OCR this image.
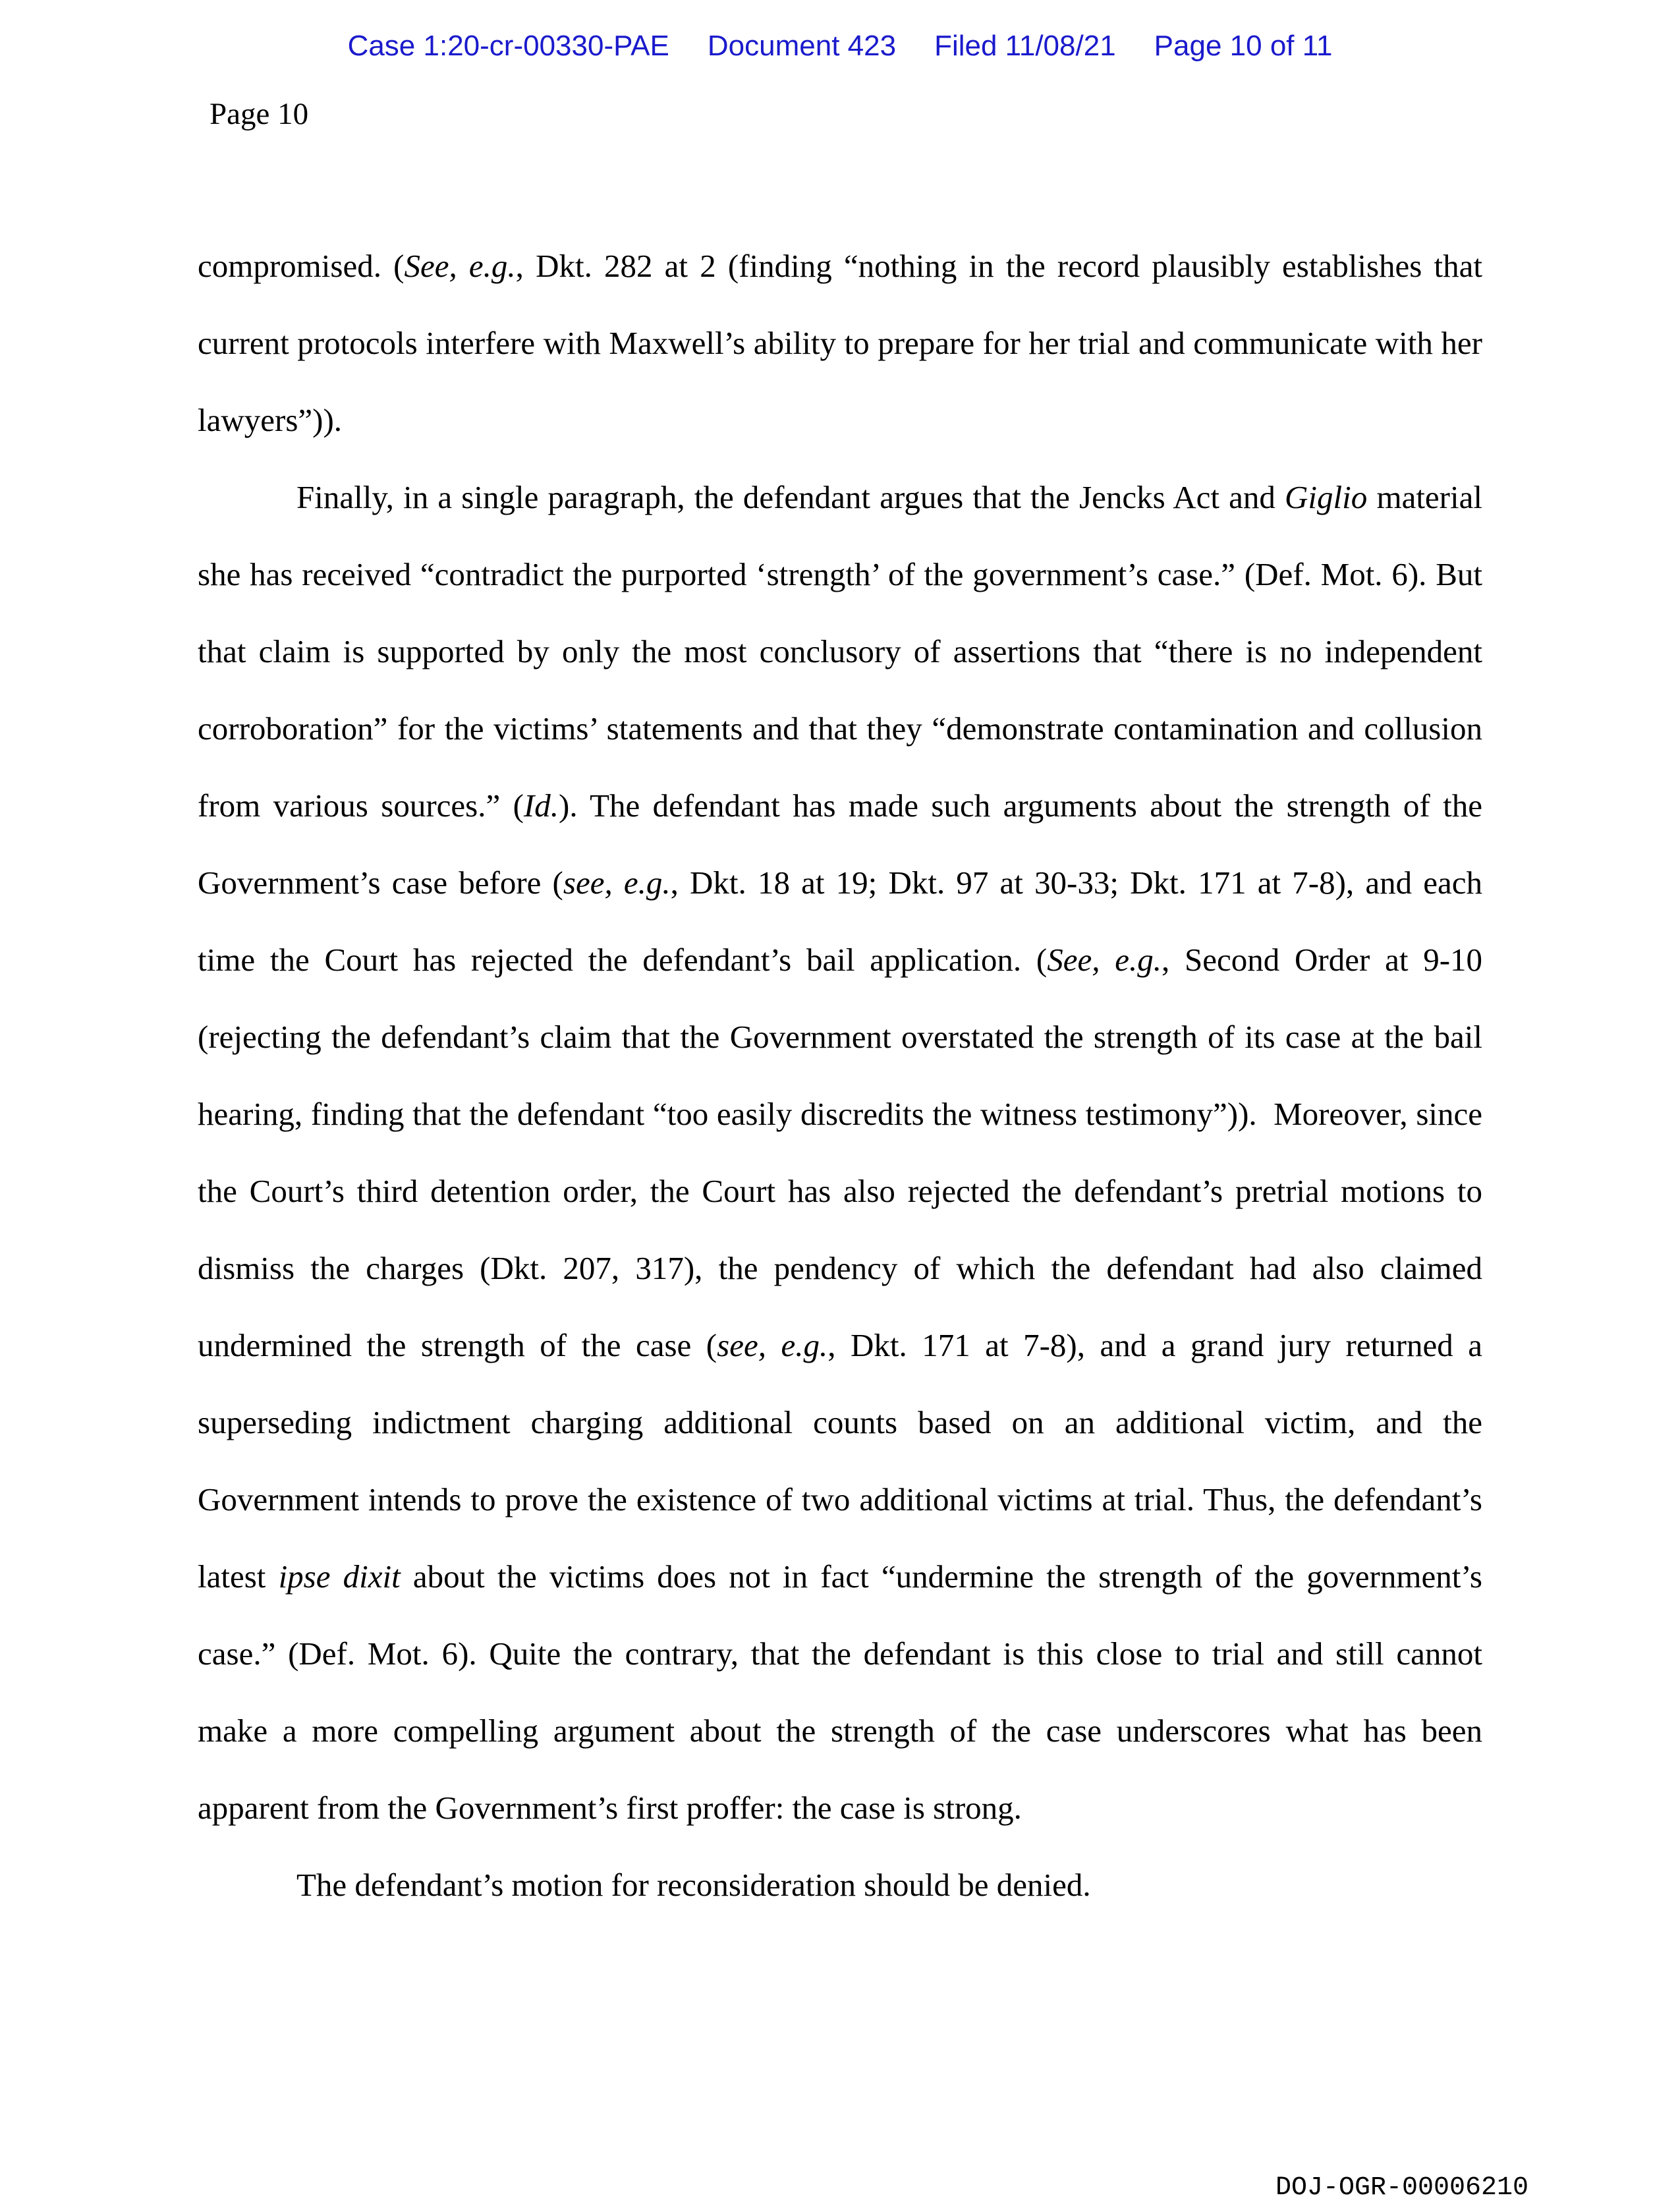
Case 1:20-cr-00330-PAE Document 423 Filed 11/08/21 Page 10 of 11
Page 10

compromised. (See, e.g., Dkt. 282 at 2 (finding “nothing in the record plausibly establishes that current protocols interfere with Maxwell’s ability to prepare for her trial and communicate with her lawyers”)).

Finally, in a single paragraph, the defendant argues that the Jencks Act and Giglio material she has received “contradict the purported ‘strength’ of the government’s case.” (Def. Mot. 6). But that claim is supported by only the most conclusory of assertions that “there is no independent corroboration” for the victims’ statements and that they “demonstrate contamination and collusion from various sources.” (Id.). The defendant has made such arguments about the strength of the Government’s case before (see, e.g., Dkt. 18 at 19; Dkt. 97 at 30-33; Dkt. 171 at 7-8), and each time the Court has rejected the defendant’s bail application. (See, e.g., Second Order at 9-10 (rejecting the defendant’s claim that the Government overstated the strength of its case at the bail hearing, finding that the defendant “too easily discredits the witness testimony”)).  Moreover, since the Court’s third detention order, the Court has also rejected the defendant’s pretrial motions to dismiss the charges (Dkt. 207, 317), the pendency of which the defendant had also claimed undermined the strength of the case (see, e.g., Dkt. 171 at 7-8), and a grand jury returned a superseding indictment charging additional counts based on an additional victim, and the Government intends to prove the existence of two additional victims at trial. Thus, the defendant’s latest ipse dixit about the victims does not in fact “undermine the strength of the government’s case.” (Def. Mot. 6). Quite the contrary, that the defendant is this close to trial and still cannot make a more compelling argument about the strength of the case underscores what has been apparent from the Government’s first proffer: the case is strong.

The defendant’s motion for reconsideration should be denied.

DOJ-OGR-00006210
